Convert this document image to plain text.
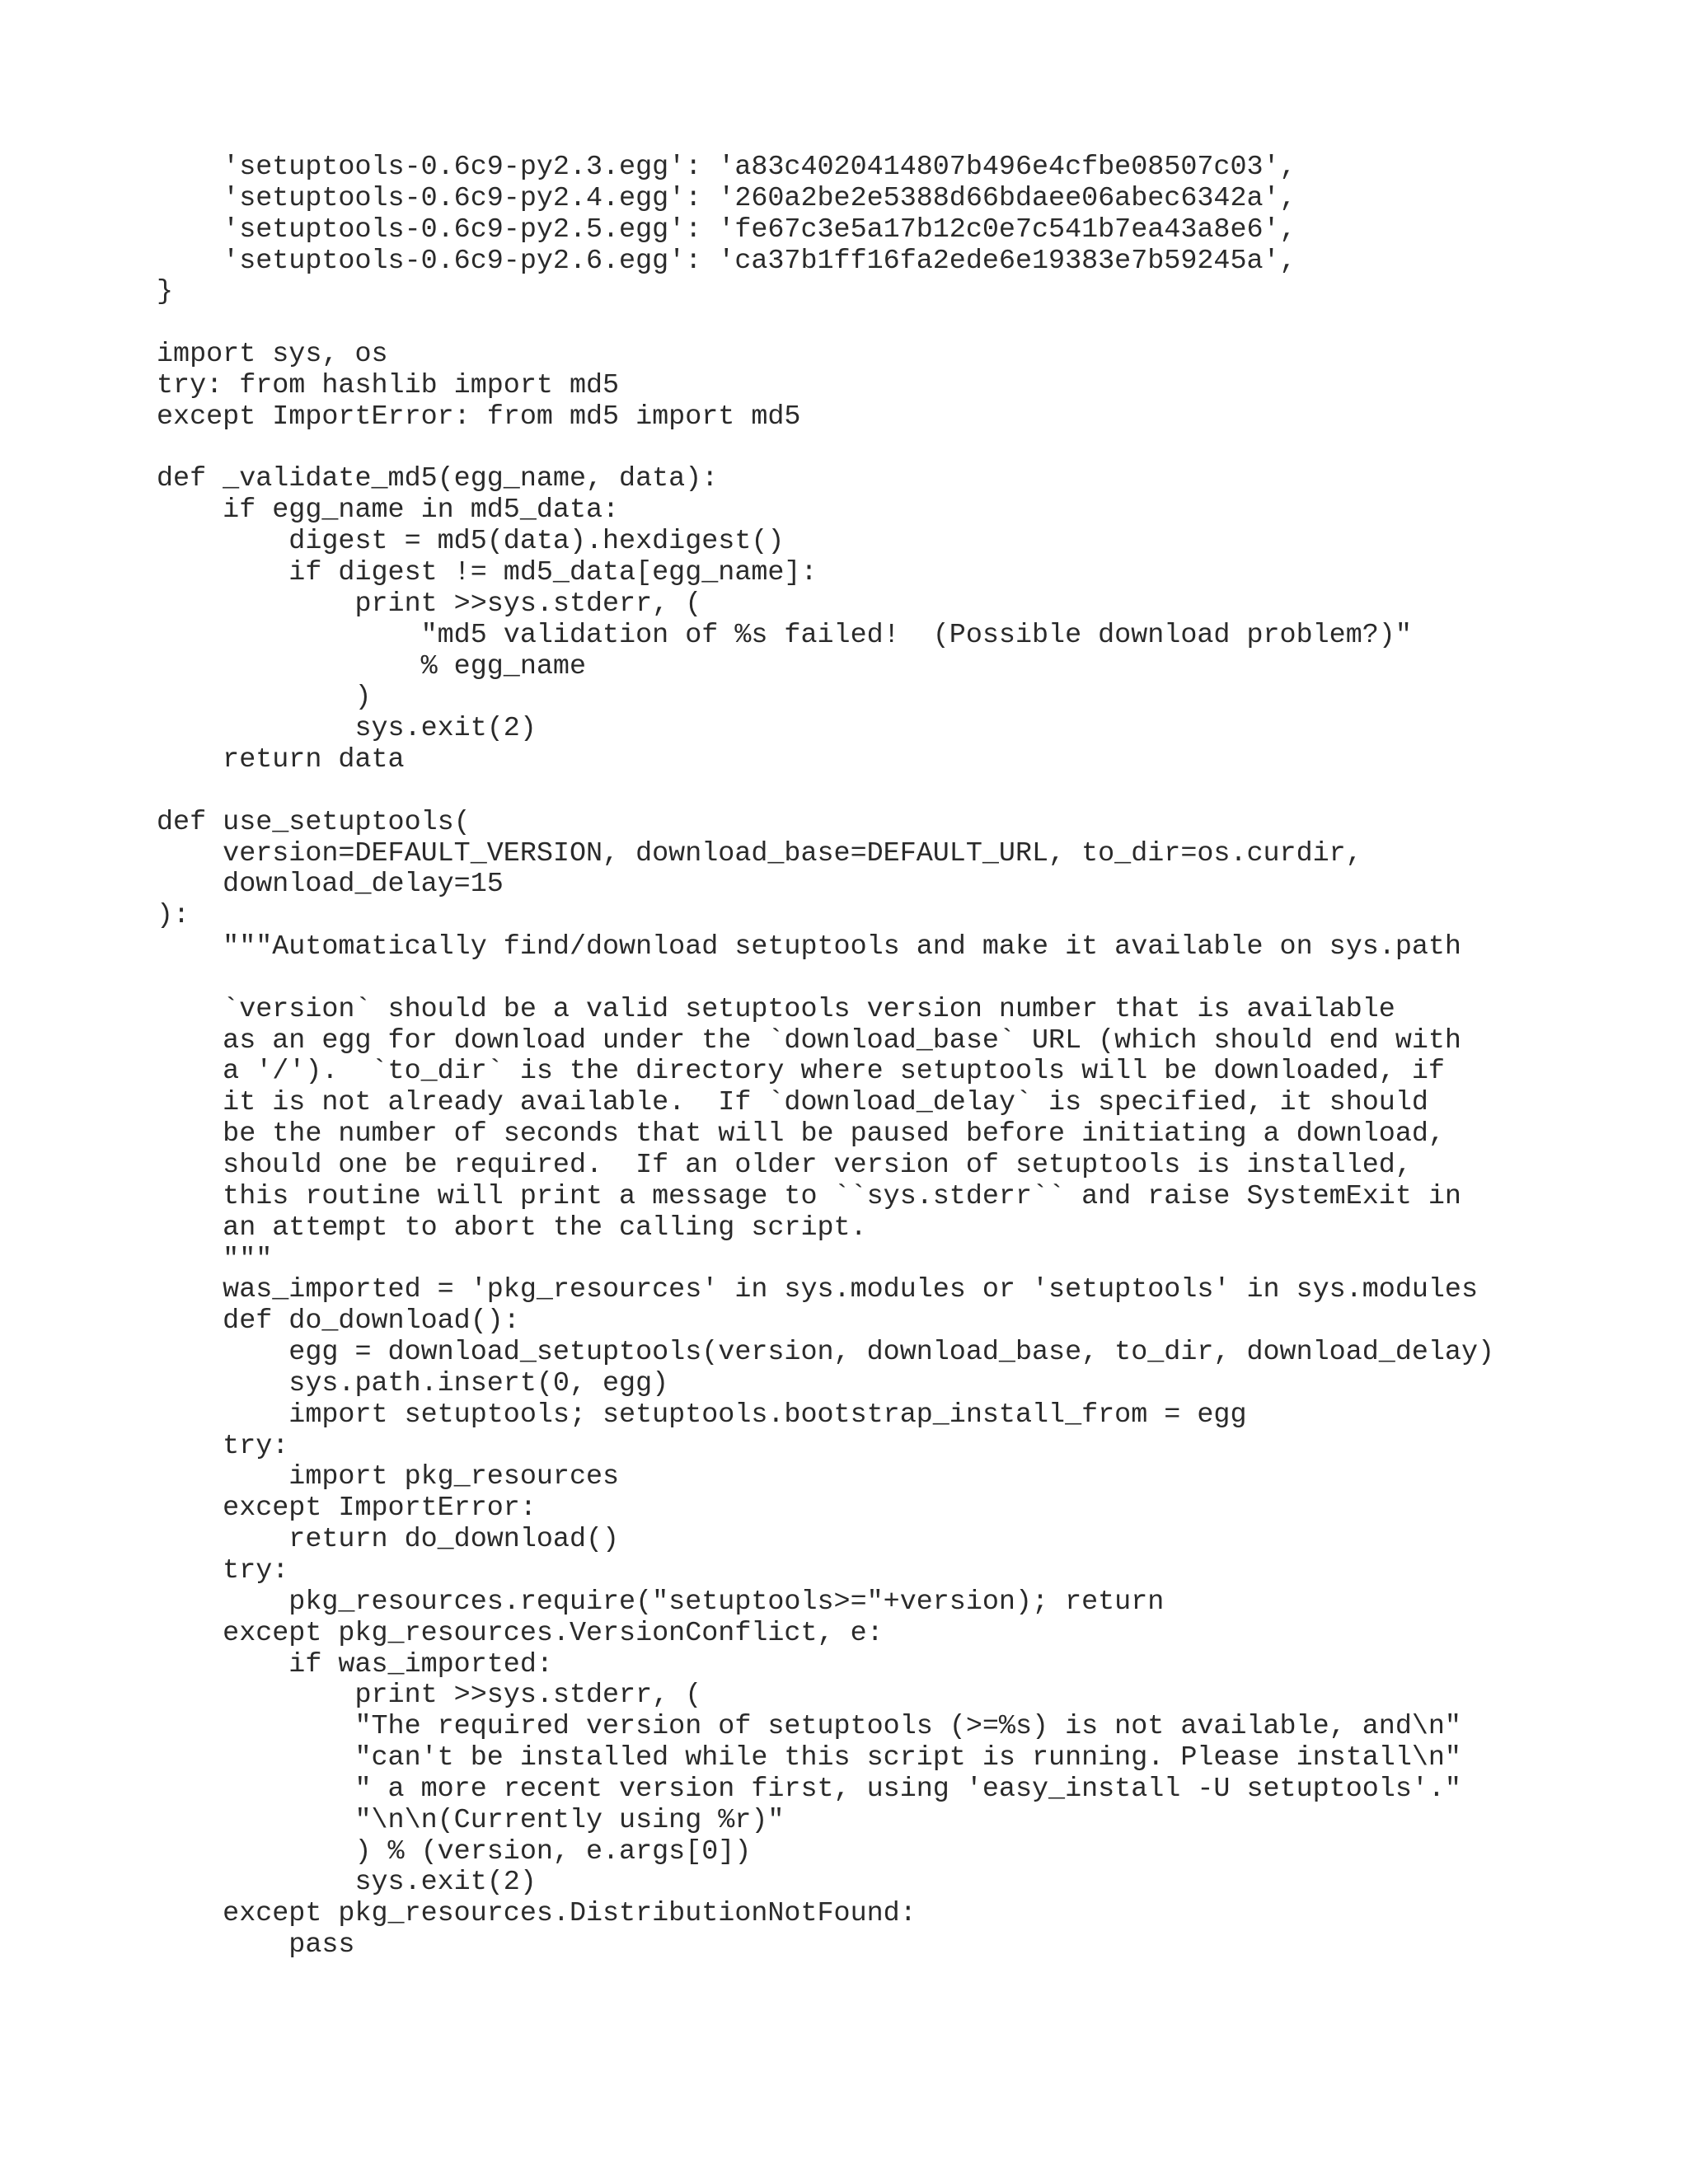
'setuptools-0.6c9-py2.3.egg': 'a83c4020414807b496e4cfbe08507c03',
'setuptools-0.6c9-py2.4.egg': '260a2be2e5388d66bdaee06abec6342a',
'setuptools-0.6c9-py2.5.egg': 'fe67c3e5a17b12c0e7c541b7ea43a8e6',
'setuptools-0.6c9-py2.6.egg': 'ca37b1ff16fa2ede6e19383e7b59245a',
}
import sys, os
try: from hashlib import md5
except ImportError: from md5 import md5
def _validate_md5(egg_name, data):
if egg_name in md5_data:
digest = md5(data).hexdigest()
if digest != md5_data[egg_name]:
print >>sys.stderr, (
"md5 validation of %s failed!  (Possible download problem?)"
% egg_name
)
sys.exit(2)
return data
def use_setuptools(
version=DEFAULT_VERSION, download_base=DEFAULT_URL, to_dir=os.curdir,
download_delay=15
):
"""Automatically find/download setuptools and make it available on sys.path
`version` should be a valid setuptools version number that is available
as an egg for download under the `download_base` URL (which should end with
a '/').  `to_dir` is the directory where setuptools will be downloaded, if
it is not already available.  If `download_delay` is specified, it should
be the number of seconds that will be paused before initiating a download,
should one be required.  If an older version of setuptools is installed,
this routine will print a message to ``sys.stderr`` and raise SystemExit in
an attempt to abort the calling script.
"""
was_imported = 'pkg_resources' in sys.modules or 'setuptools' in sys.modules
def do_download():
egg = download_setuptools(version, download_base, to_dir, download_delay)
sys.path.insert(0, egg)
import setuptools; setuptools.bootstrap_install_from = egg
try:
import pkg_resources
except ImportError:
return do_download()
try:
pkg_resources.require("setuptools>="+version); return
except pkg_resources.VersionConflict, e:
if was_imported:
print >>sys.stderr, (
"The required version of setuptools (>=%s) is not available, and\n"
"can't be installed while this script is running. Please install\n"
" a more recent version first, using 'easy_install -U setuptools'."
"\n\n(Currently using %r)"
) % (version, e.args[0])
sys.exit(2)
except pkg_resources.DistributionNotFound:
pass
